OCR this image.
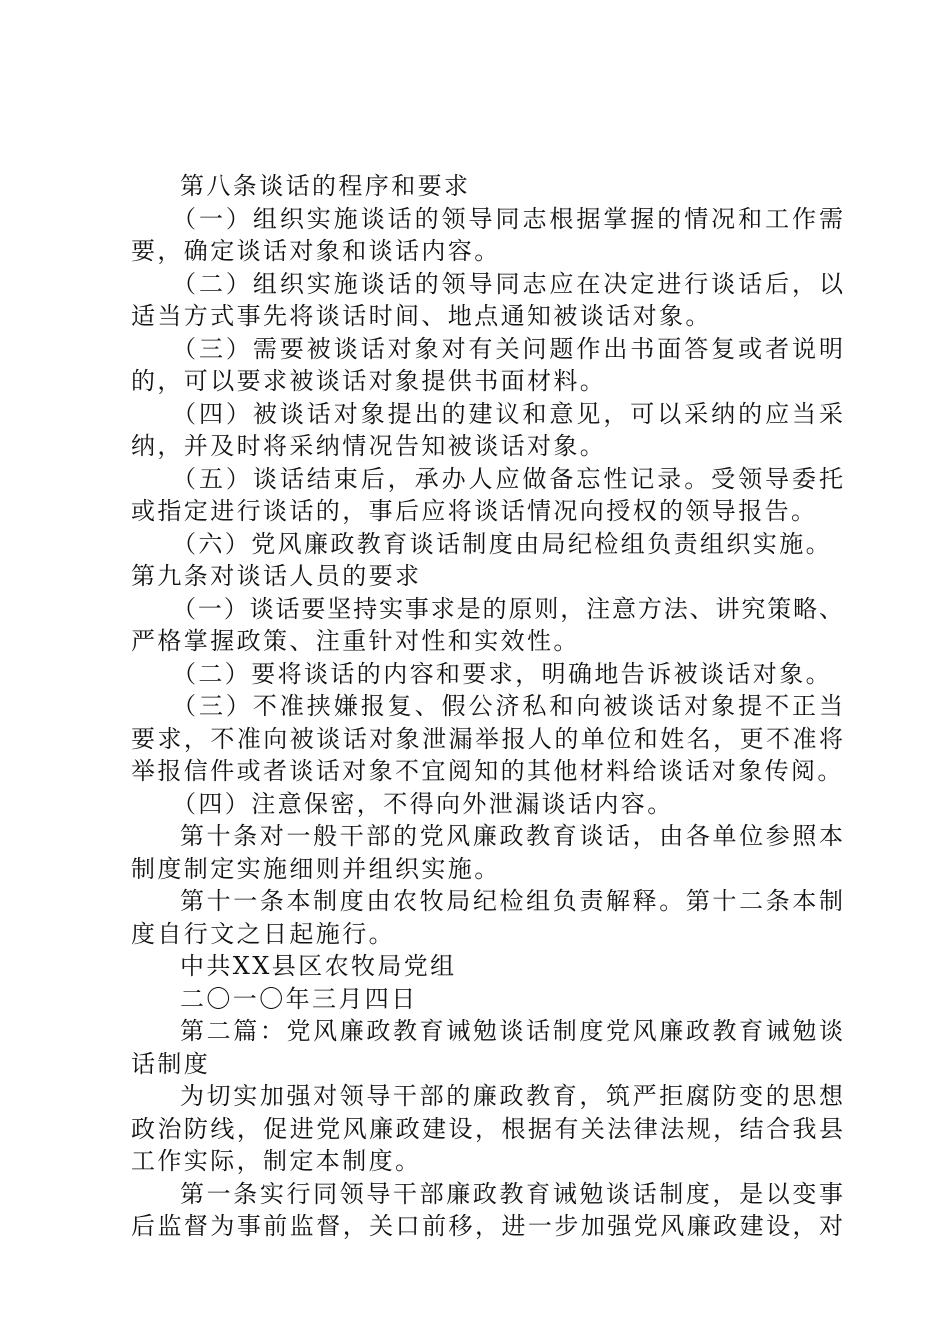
第八条谈话的程序和要求
（一）组织实施谈话的领导同志根据掌握的情况和工作需
要，确定谈话对象和谈话内容。
（二）组织实施谈话的领导同志应在决定进行谈话后，以
适当方式事先将谈话时间、地点通知被谈话对象。
（三）需要被谈话对象对有关问题作出书面答复或者说明
的，可以要求被谈话对象提供书面材料。
（四）被谈话对象提出的建议和意见，可以采纳的应当采
纳，并及时将采纳情况告知被谈话对象。
（五）谈话结束后，承办人应做备忘性记录。受领导委托
或指定进行谈话的，事后应将谈话情况向授权的领导报告。
（六）党风廉政教育谈话制度由局纪检组负责组织实施。
第九条对谈话人员的要求
（一）谈话要坚持实事求是的原则，注意方法、讲究策略、
严格掌握政策、注重针对性和实效性。
（二）要将谈话的内容和要求，明确地告诉被谈话对象。
（三）不准挟嫌报复、假公济私和向被谈话对象提不正当
要求，不准向被谈话对象泄漏举报人的单位和姓名，更不准将
举报信件或者谈话对象不宜阅知的其他材料给谈话对象传阅。
（四）注意保密，不得向外泄漏谈话内容。
第十条对一般干部的党风廉政教育谈话，由各单位参照本
制度制定实施细则并组织实施。
第十一条本制度由农牧局纪检组负责解释。第十二条本制
度自行文之日起施行。
中共XX县区农牧局党组
二〇一〇年三月四日
第二篇：党风廉政教育诫勉谈话制度党风廉政教育诫勉谈
话制度
为切实加强对领导干部的廉政教育，筑严拒腐防变的思想
政治防线，促进党风廉政建设，根据有关法律法规，结合我县
工作实际，制定本制度。
第一条实行同领导干部廉政教育诫勉谈话制度，是以变事
后监督为事前监督，关口前移，进一步加强党风廉政建设，对
